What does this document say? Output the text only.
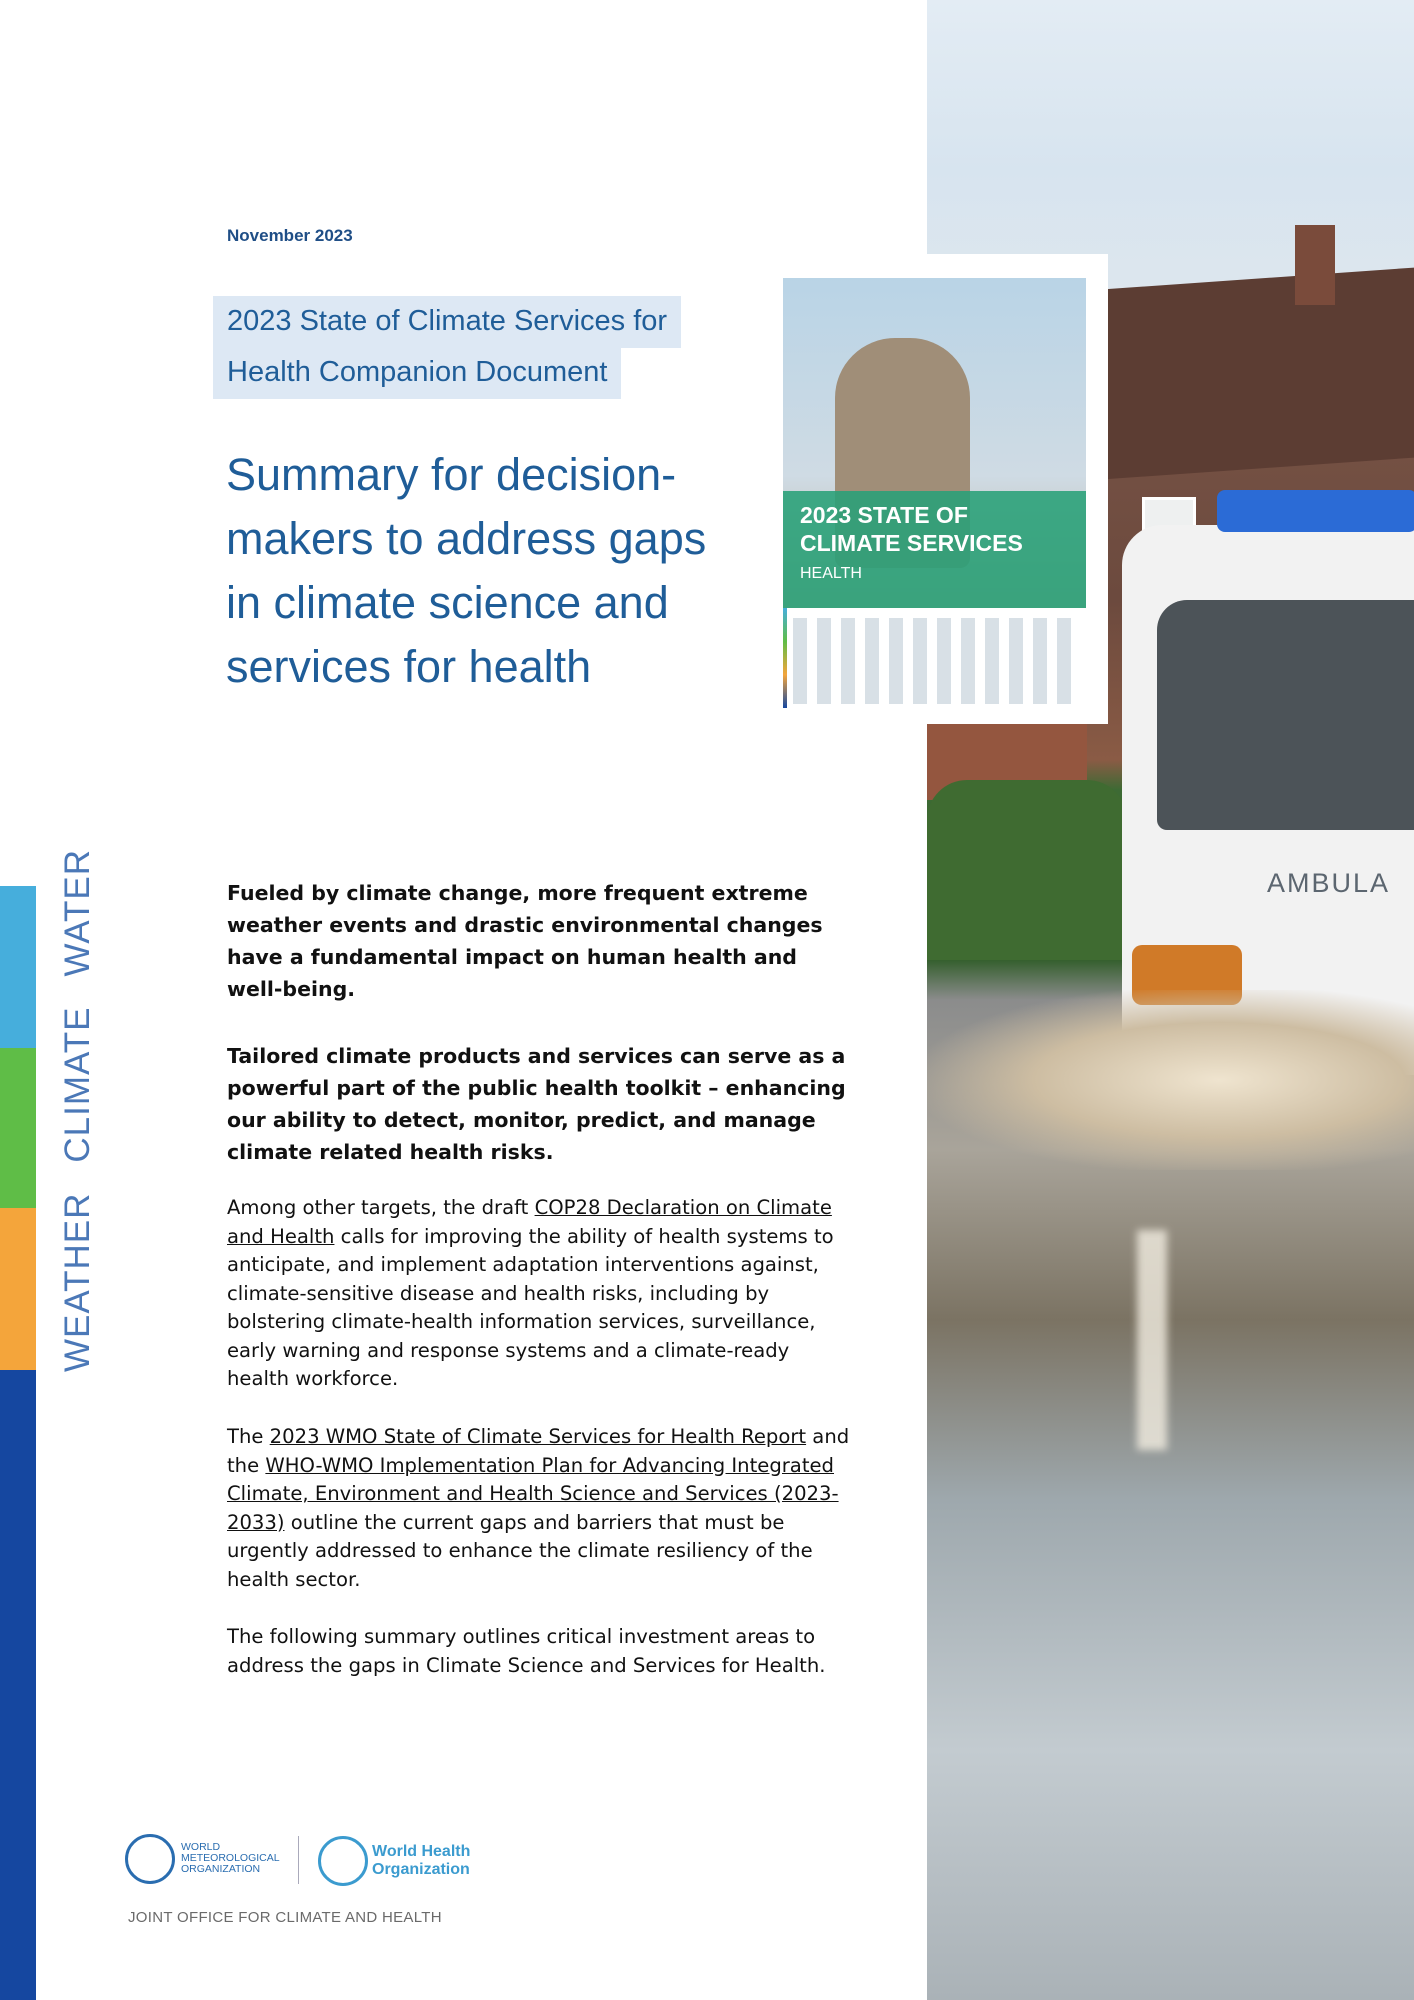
WEATHER
CLIMATE
WATER
November 2023
2023 State of Climate Services for
Health Companion Document
Summary for decision-makers to address gaps in climate science and services for health
Fueled by climate change, more frequent extreme weather events and drastic environmental changes have a fundamental impact on human health and well-being.
Tailored climate products and services can serve as a powerful part of the public health toolkit – enhancing our ability to detect, monitor, predict, and manage climate related health risks.
Among other targets, the draft COP28 Declaration on Climate and Health calls for improving the ability of health systems to anticipate, and implement adaptation interventions against, climate-sensitive disease and health risks, including by bolstering climate-health information services, surveillance, early warning and response systems and a climate-ready health workforce.
The 2023 WMO State of Climate Services for Health Report and the WHO-WMO Implementation Plan for Advancing Integrated Climate, Environment and Health Science and Services (2023-2033) outline the current gaps and barriers that must be urgently addressed to enhance the climate resiliency of the health sector.
The following summary outlines critical investment areas to address the gaps in Climate Science and Services for Health.
AMBULA
2023 STATE OF
CLIMATE SERVICES
HEALTH
WORLD
METEOROLOGICAL
ORGANIZATION
World Health
Organization
JOINT OFFICE FOR CLIMATE AND HEALTH
